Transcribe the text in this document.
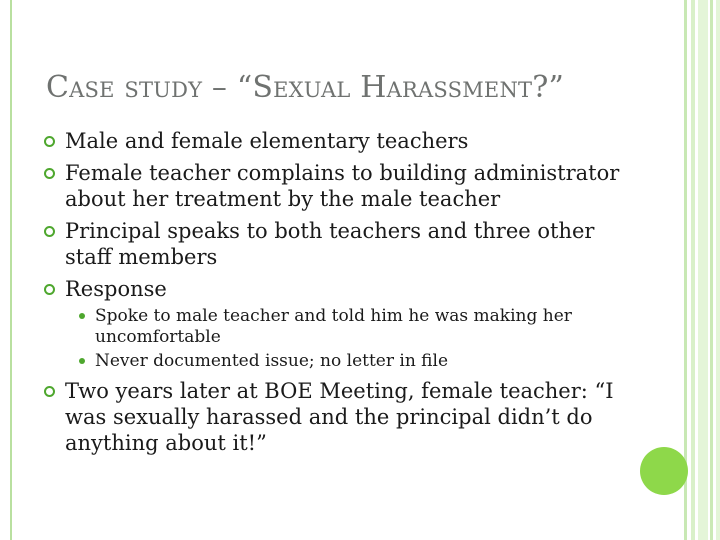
Case study – “Sexual Harassment?”
Male and female elementary teachers
Female teacher complains to building administrator about her treatment by the male teacher
Principal speaks to both teachers and three other staff members
Response
Spoke to male teacher and told him he was making her uncomfortable
Never documented issue; no letter in file
Two years later at BOE Meeting, female teacher: “I was sexually harassed and the principal didn’t do anything about it!”
